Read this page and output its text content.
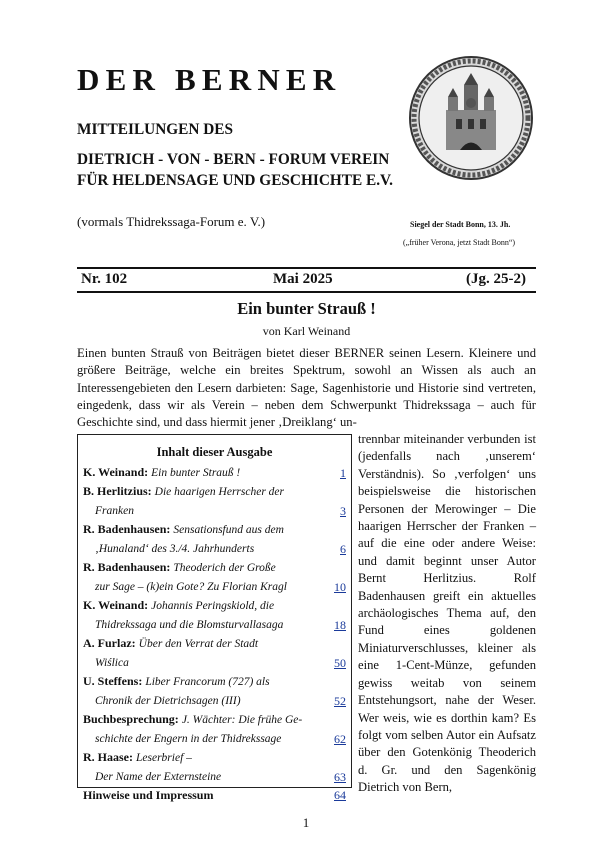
DER BERNER
MITTEILUNGEN DES
DIETRICH - VON - BERN - FORUM VEREIN FÜR HELDENSAGE UND GESCHICHTE E.V.
(vormals Thidrekssaga-Forum e. V.)	Siegel der Stadt Bonn, 13. Jh.
(„früher Verona, jetzt Stadt Bonn“)
Nr. 102	Mai 2025	(Jg. 25-2)
Ein bunter Strauß !
von Karl Weinand
Einen bunten Strauß von Beiträgen bietet dieser BERNER seinen Lesern. Kleinere und größere Beiträge, welche ein breites Spektrum, sowohl an Wissen als auch an Interessengebieten den Lesern darbieten: Sage, Sagenhistorie und Historie sind vertreten, eingedenk, dass wir als Verein – neben dem Schwerpunkt Thidrekssaga – auch für Geschichte sind, und dass hiermit jener ‚Dreiklang‘ un-
Inhalt dieser Ausgabe
K. Weinand: Ein bunter Strauß !	1
B. Herlitzius: Die haarigen Herrscher der
Franken	3
R. Badenhausen: Sensationsfund aus dem
‚Hunaland‘ des 3./4. Jahrhunderts	6
R. Badenhausen: Theoderich der Große
zur Sage – (k)ein Gote? Zu Florian Kragl	10
K. Weinand: Johannis Peringskiold, die
Thidrekssaga und die Blomsturvallasaga	18
A. Furlaz: Über den Verrat der Stadt
Wiślica	50
U. Steffens: Liber Francorum (727) als
Chronik der Dietrichsagen (III)	52
Buchbesprechung: J. Wächter: Die frühe Ge-
schichte der Engern in der Thidrekssage	62
R. Haase: Leserbrief –
Der Name der Externsteine	63
Hinweise und Impressum	64
trennbar miteinander verbunden ist (jedenfalls nach ‚unserem‘ Verständnis). So ‚verfolgen‘ uns beispielsweise die historischen Personen der Merowinger – Die haarigen Herrscher der Franken – auf die eine oder andere Weise: und damit beginnt unser Autor Bernt Herlitzius. Rolf Badenhausen greift ein aktuelles archäologisches Thema auf, den Fund eines goldenen Miniaturverschlusses, kleiner als eine 1-Cent-Münze, gefunden gewiss weitab von seinem Entstehungsort, nahe der Weser. Wer weis, wie es dorthin kam? Es folgt vom selben Autor ein Aufsatz über den Gotenkönig Theoderich d. Gr. und den Sagenkönig Dietrich von Bern,
1
